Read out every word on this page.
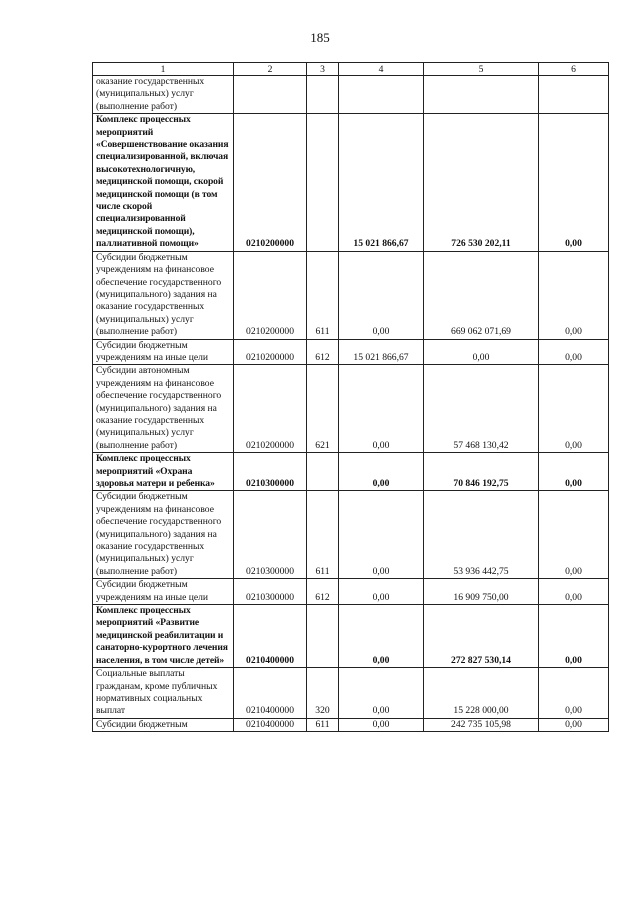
185
1	2	3	4	5	6
оказание государственных (муниципальных) услуг (выполнение работ)					
Комплекс процессных мероприятий «Совершенствование оказания специализированной, включая высокотехнологичную, медицинской помощи, скорой медицинской помощи (в том числе скорой специализированной медицинской помощи), паллиативной помощи»	0210200000		15 021 866,67	726 530 202,11	0,00
Субсидии бюджетным учреждениям на финансовое обеспечение государственного (муниципального) задания на оказание государственных (муниципальных) услуг (выполнение работ)	0210200000	611	0,00	669 062 071,69	0,00
Субсидии бюджетным учреждениям на иные цели	0210200000	612	15 021 866,67	0,00	0,00
Субсидии автономным учреждениям на финансовое обеспечение государственного (муниципального) задания на оказание государственных (муниципальных) услуг (выполнение работ)	0210200000	621	0,00	57 468 130,42	0,00
Комплекс процессных мероприятий «Охрана здоровья матери и ребенка»	0210300000		0,00	70 846 192,75	0,00
Субсидии бюджетным учреждениям на финансовое обеспечение государственного (муниципального) задания на оказание государственных (муниципальных) услуг (выполнение работ)	0210300000	611	0,00	53 936 442,75	0,00
Субсидии бюджетным учреждениям на иные цели	0210300000	612	0,00	16 909 750,00	0,00
Комплекс процессных мероприятий «Развитие медицинской реабилитации и санаторно-курортного лечения населения, в том числе детей»	0210400000		0,00	272 827 530,14	0,00
Социальные выплаты гражданам, кроме публичных нормативных социальных выплат	0210400000	320	0,00	15 228 000,00	0,00
Субсидии бюджетным	0210400000	611	0,00	242 735 105,98	0,00
